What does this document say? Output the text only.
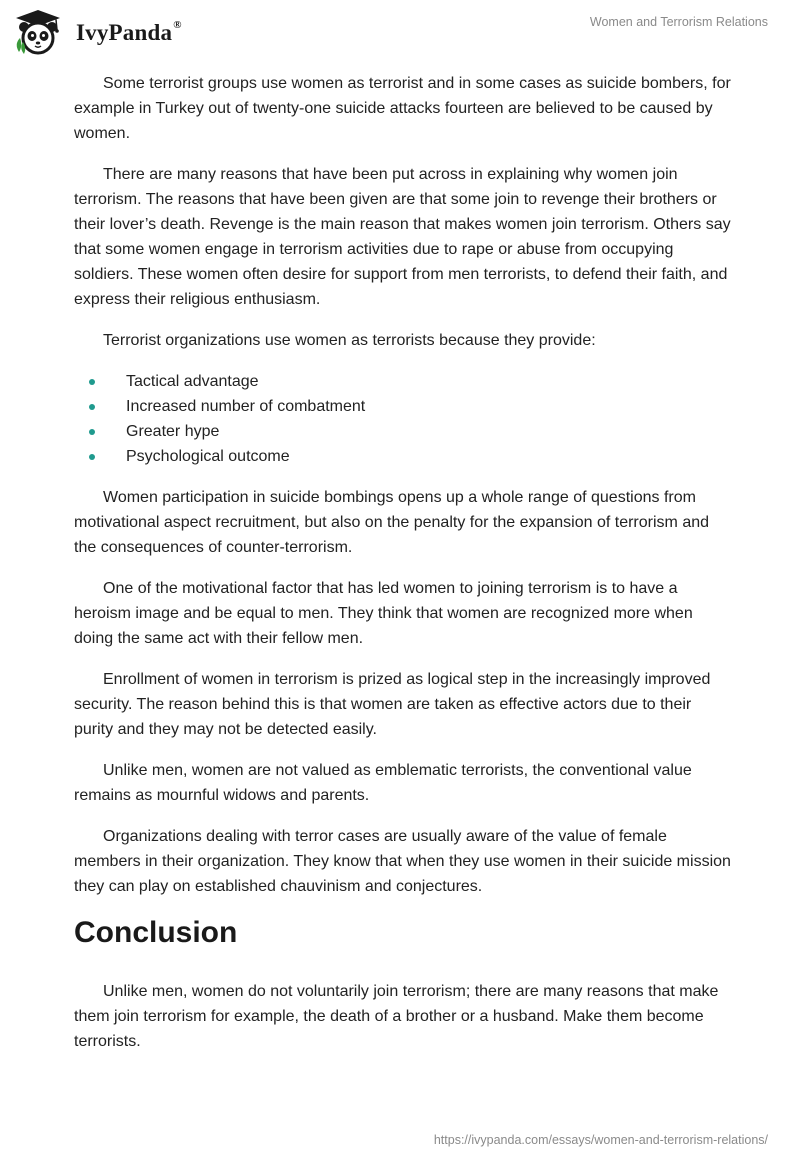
IvyPanda®	Women and Terrorism Relations

Some terrorist groups use women as terrorist and in some cases as suicide bombers, for example in Turkey out of twenty-one suicide attacks fourteen are believed to be caused by women.

There are many reasons that have been put across in explaining why women join terrorism. The reasons that have been given are that some join to revenge their brothers or their lover’s death. Revenge is the main reason that makes women join terrorism. Others say that some women engage in terrorism activities due to rape or abuse from occupying soldiers. These women often desire for support from men terrorists, to defend their faith, and express their religious enthusiasm.

Terrorist organizations use women as terrorists because they provide:

Tactical advantage
Increased number of combatment
Greater hype
Psychological outcome

Women participation in suicide bombings opens up a whole range of questions from motivational aspect recruitment, but also on the penalty for the expansion of terrorism and the consequences of counter-terrorism.

One of the motivational factor that has led women to joining terrorism is to have a heroism image and be equal to men. They think that women are recognized more when doing the same act with their fellow men.

Enrollment of women in terrorism is prized as logical step in the increasingly improved security. The reason behind this is that women are taken as effective actors due to their purity and they may not be detected easily.

Unlike men, women are not valued as emblematic terrorists, the conventional value remains as mournful widows and parents.

Organizations dealing with terror cases are usually aware of the value of female members in their organization. They know that when they use women in their suicide mission they can play on established chauvinism and conjectures.

Conclusion

Unlike men, women do not voluntarily join terrorism; there are many reasons that make them join terrorism for example, the death of a brother or a husband. Make them become terrorists.

https://ivypanda.com/essays/women-and-terrorism-relations/
